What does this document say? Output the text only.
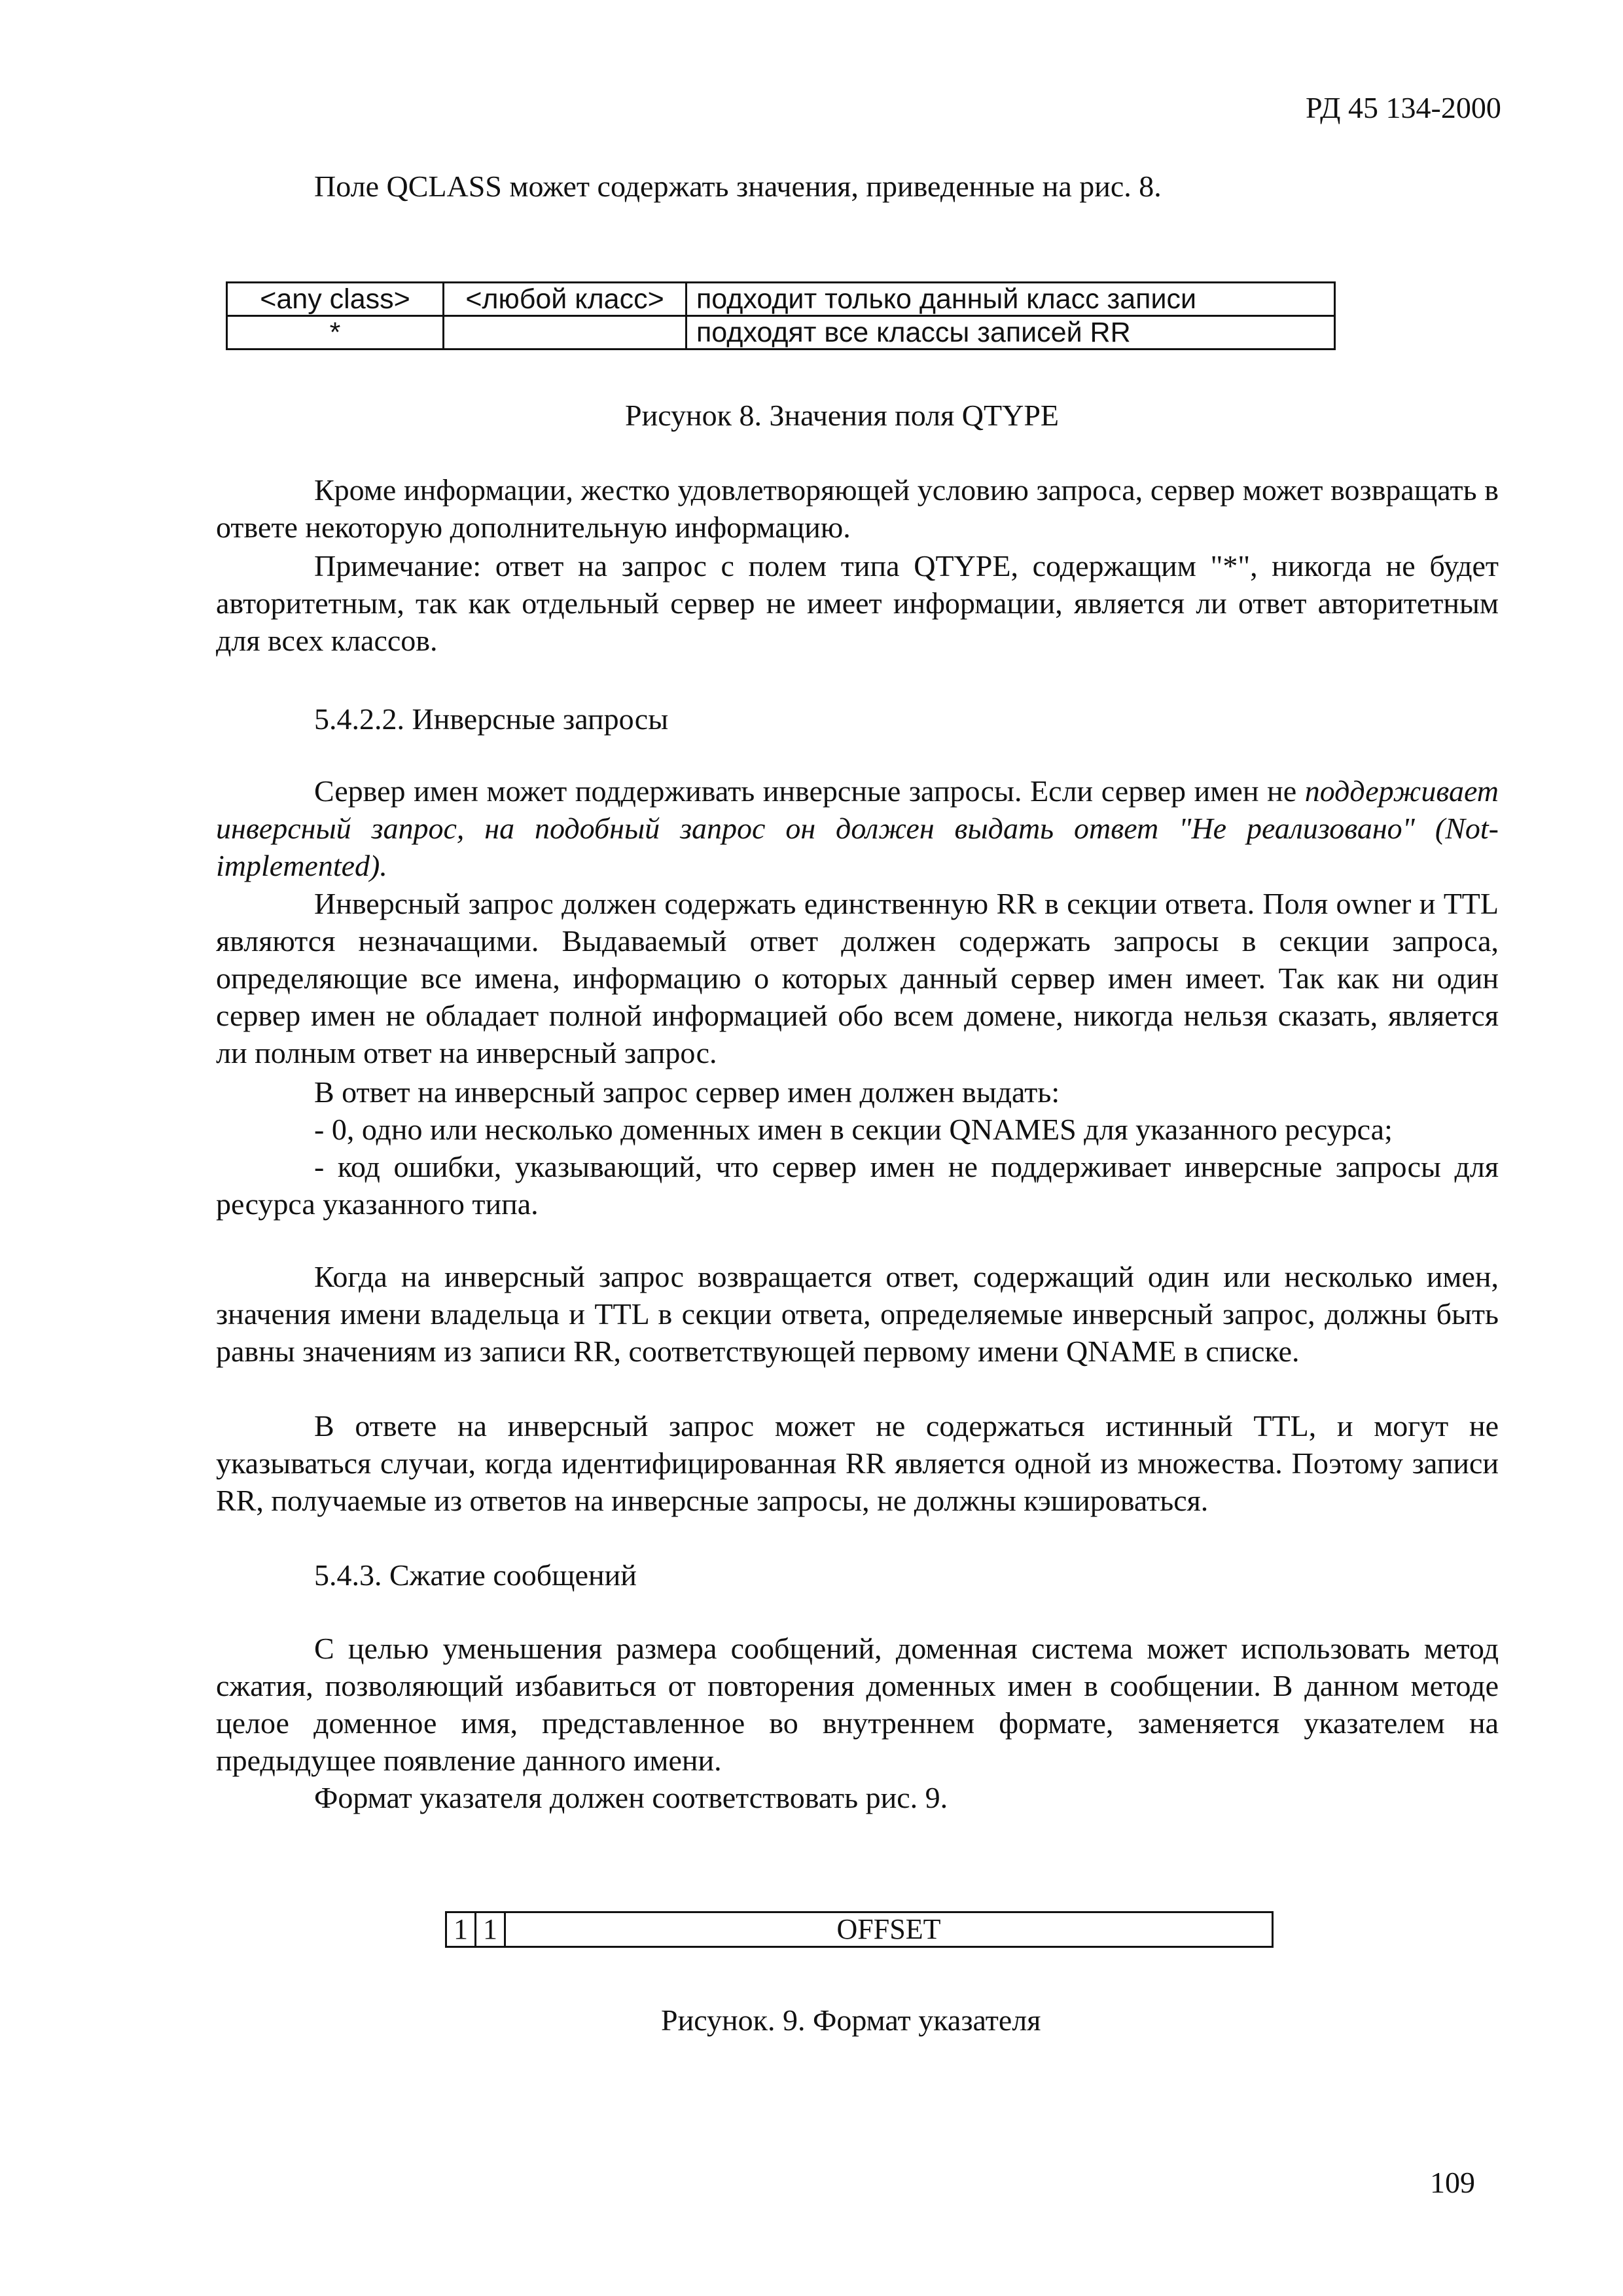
РД 45 134-2000
Поле QCLASS может содержать значения, приведенные на рис. 8.
<any class>	<любой класс>	подходит только данный класс записи
*		подходят все классы записей RR
Рисунок 8. Значения поля QTYPE
Кроме информации, жестко удовлетворяющей условию запроса, сервер может возвращать в ответе некоторую дополнительную информацию.
Примечание: ответ на запрос с полем типа QTYPE, содержащим "*", никогда не будет авторитетным, так как отдельный сервер не имеет информации, является ли ответ авторитетным для всех классов.
5.4.2.2. Инверсные запросы
Сервер имен может поддерживать инверсные запросы. Если сервер имен не поддерживает инверсный запрос, на подобный запрос он должен выдать ответ "Не реализовано" (Not-implemented).
Инверсный запрос должен содержать единственную RR в секции ответа. Поля owner и TTL являются незначащими. Выдаваемый ответ должен содержать запросы в секции запроса, определяющие все имена, информацию о которых данный сервер имен имеет. Так как ни один сервер имен не обладает полной информацией обо всем домене, никогда нельзя сказать, является ли полным ответ на инверсный запрос.
В ответ на инверсный запрос сервер имен должен выдать:
- 0, одно или несколько доменных имен в секции QNAMES для указанного ресурса;
- код ошибки, указывающий, что сервер имен не поддерживает инверсные запросы для ресурса указанного типа.
Когда на инверсный запрос возвращается ответ, содержащий один или несколько имен, значения имени владельца и TTL в секции ответа, определяемые инверсный запрос, должны быть равны значениям из записи RR, соответствующей первому имени QNAME в списке.
В ответе на инверсный запрос может не содержаться истинный TTL, и могут не указываться случаи, когда идентифицированная RR является одной из множества. Поэтому записи RR, получаемые из ответов на инверсные запросы, не должны кэшироваться.
5.4.3. Сжатие сообщений
С целью уменьшения размера сообщений, доменная система может использовать метод сжатия, позволяющий избавиться от повторения доменных имен в сообщении. В данном методе целое доменное имя, представленное во внутреннем формате, заменяется указателем на предыдущее появление данного имени.
Формат указателя должен соответствовать рис. 9.
1	1	OFFSET
Рисунок. 9. Формат указателя
109
